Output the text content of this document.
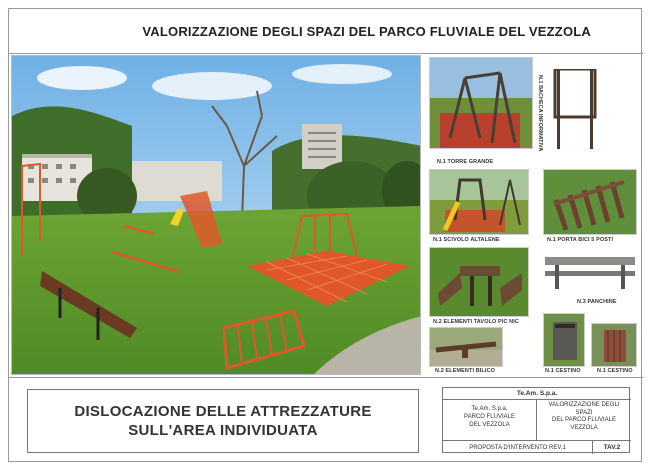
VALORIZZAZIONE DEGLI SPAZI DEL PARCO FLUVIALE DEL VEZZOLA
N.1 TORRE GRANDE
N.1 BACHECA INFORMATIVA
N.1 SCIVOLO ALTALENE	N.1 PORTA BICI 5 POSTI
N.2 ELEMENTI TAVOLO PIC NIC
N.3 PANCHINE
N.2 ELEMENTI BILICO	N.1 CESTINO	N.1 CESTINO
DISLOCAZIONE DELLE ATTREZZATURE
SULL'AREA INDIVIDUATA
Te.Am. S.p.a.
Te.Am. S.p.a.
PARCO FLUVIALE
DEL VEZZOLA
VALORIZZAZIONE DEGLI
SPAZI
DEL PARCO FLUVIALE
VEZZOLA
PROPOSTA D'INTERVENTO REV.1	TAV.2
